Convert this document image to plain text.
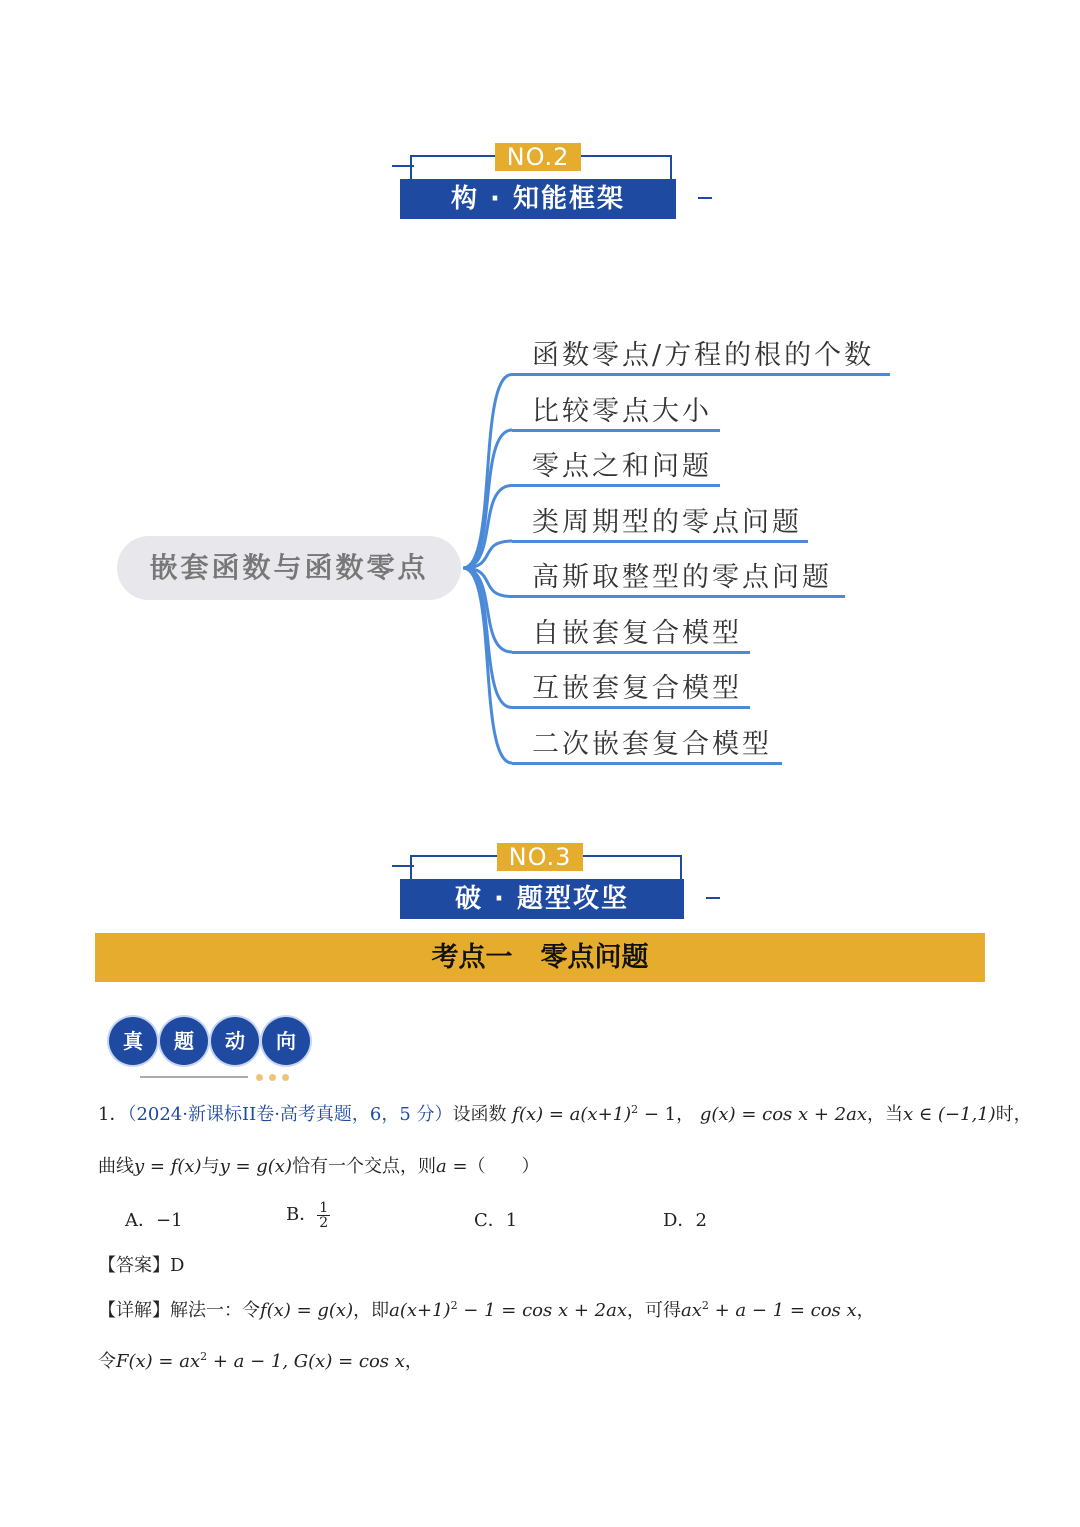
NO.2
构 · 知能框架
嵌套函数与函数零点
函数零点/方程的根的个数
比较零点大小
零点之和问题
类周期型的零点问题
高斯取整型的零点问题
自嵌套复合模型
互嵌套复合模型
二次嵌套复合模型
NO.3
破 · 题型攻坚
考点一 零点问题
真	题	动	向
1．（2024·新课标II卷·高考真题，6，5 分）设函数 $f(x) = a(x+1)^2 - 1$， g(x) = cos x + 2ax，当x ∈ (−1,1)时，
曲线y = f(x)与y = g(x)恰有一个交点，则a =（　　）
A．−1	B． $\frac{1}{2}$	C．1	D．2
【答案】D
【详解】解法一：令f(x) = g(x)，即$a(x+1)^2 - 1 = \cos x + 2ax$，可得$ax^2 + a - 1 = \cos x$，
令$F(x) = ax^2 + a - 1$, G(x) = cos x，
